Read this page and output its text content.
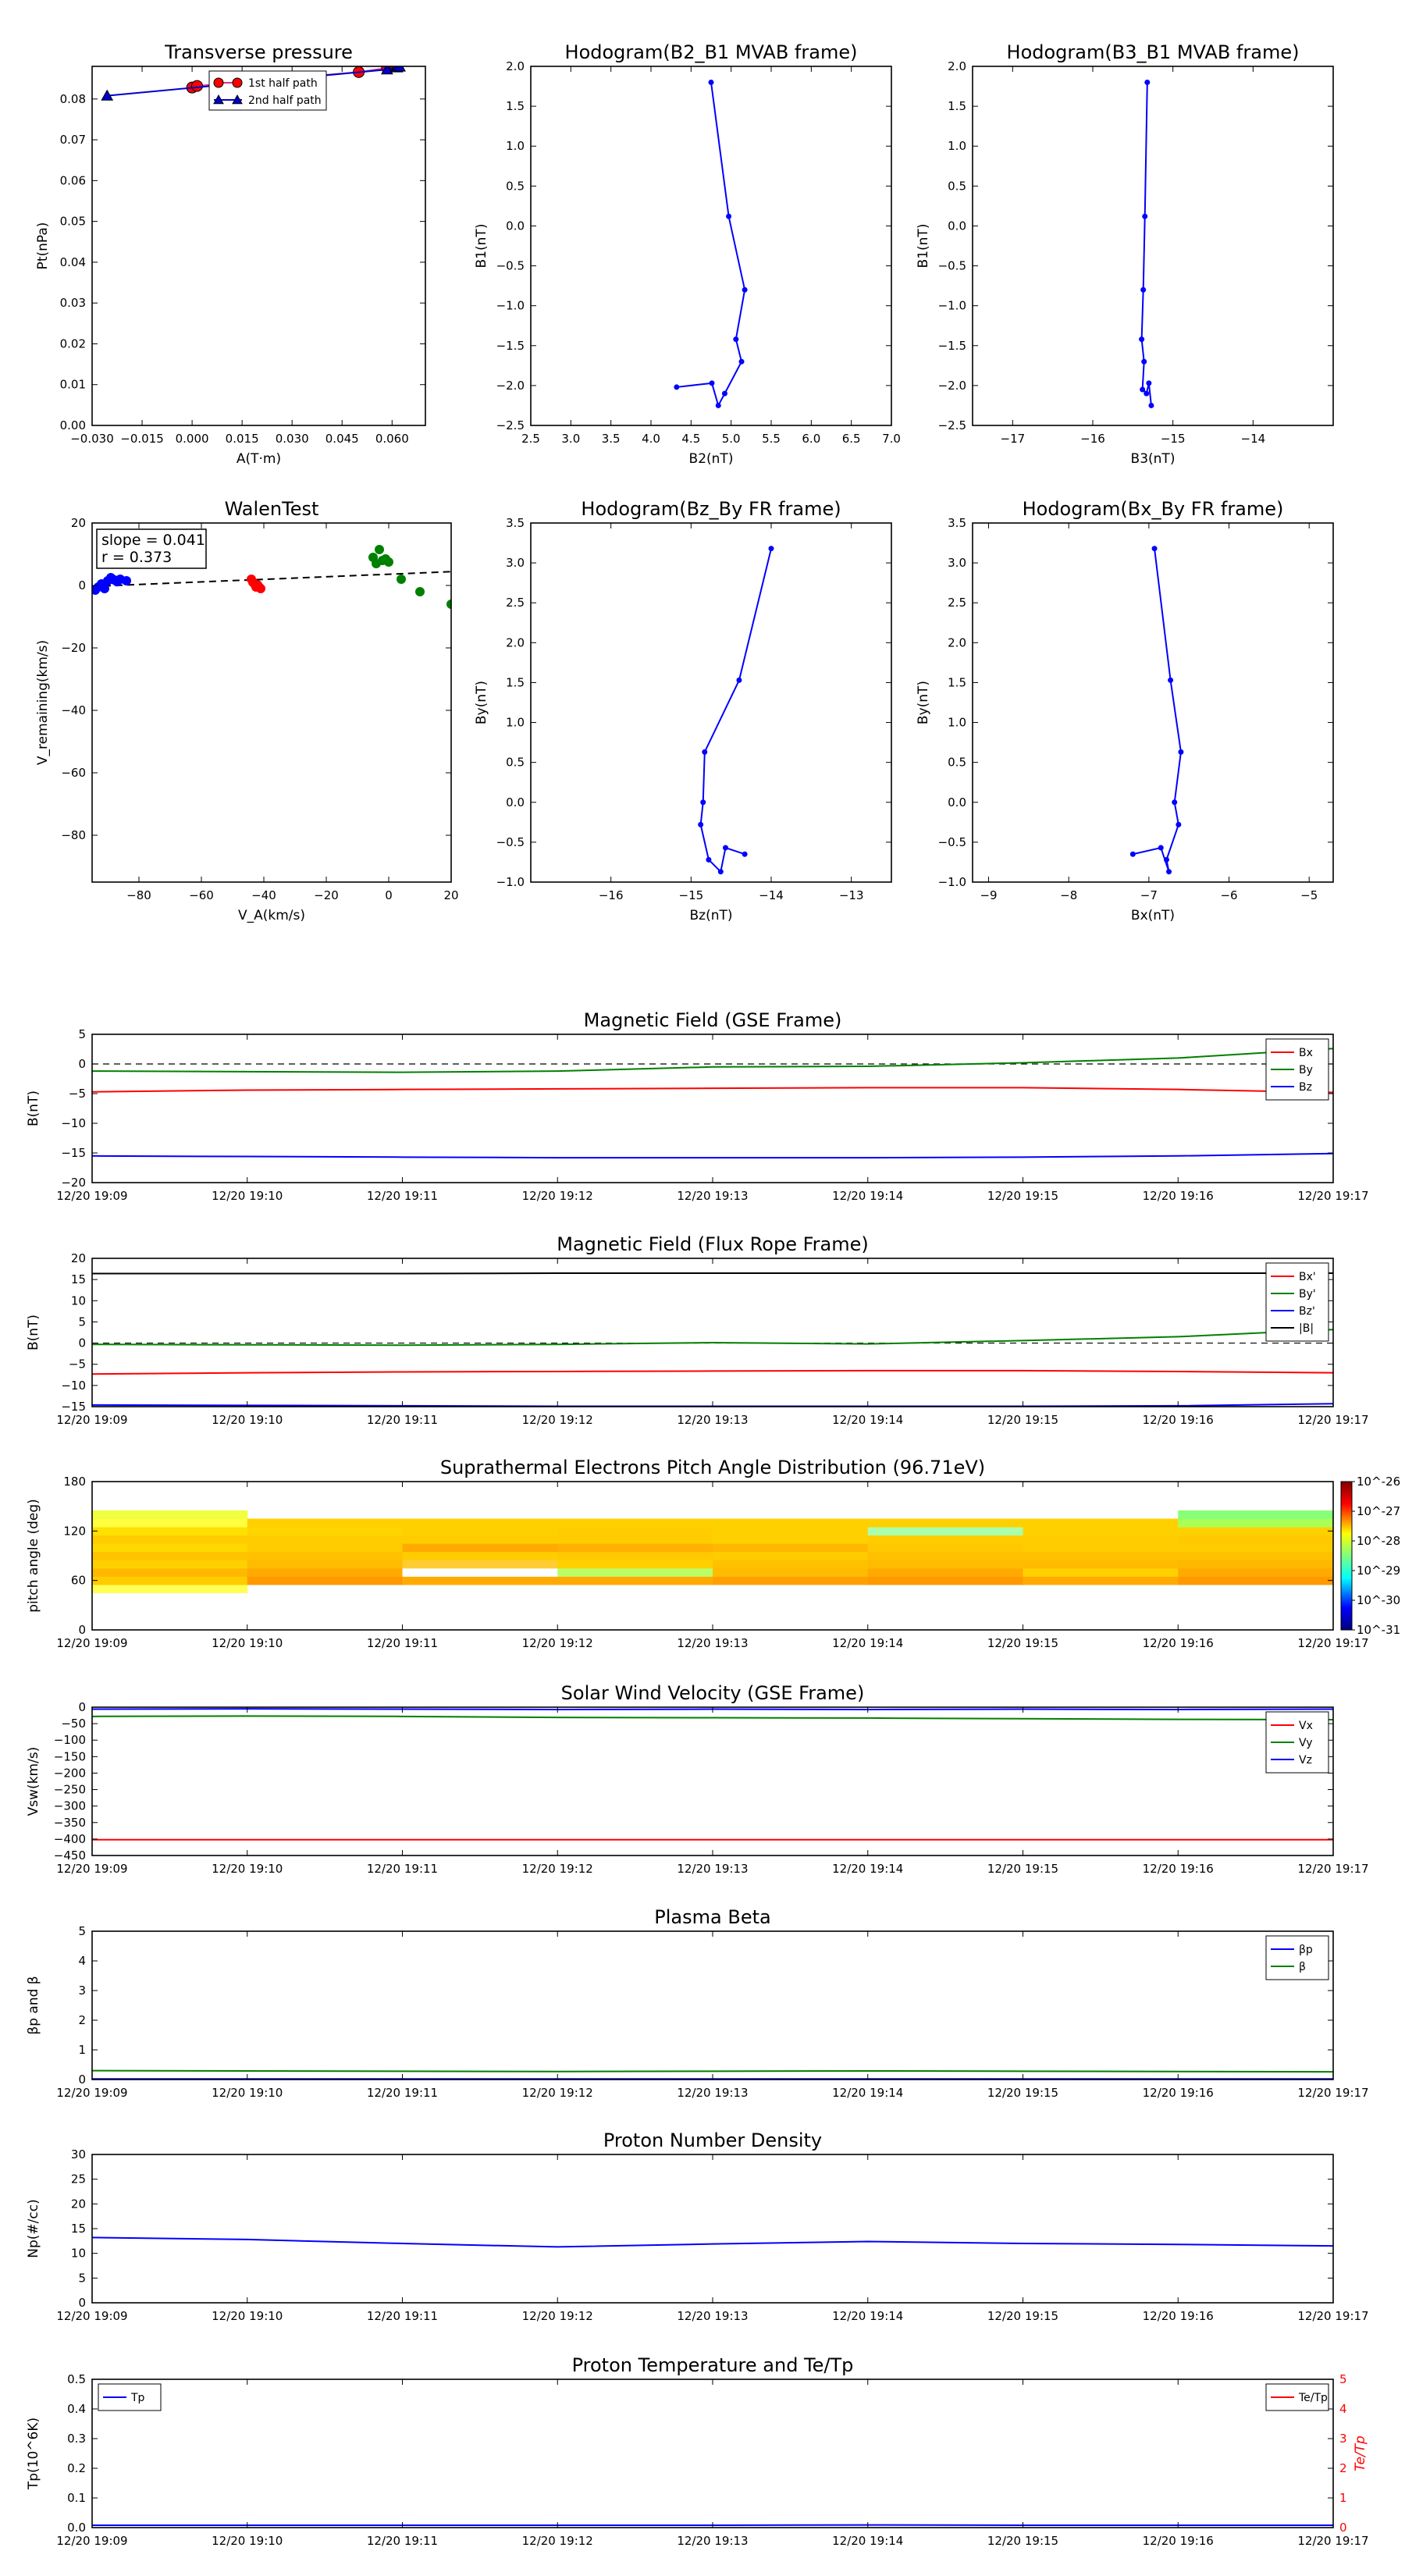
Transverse pressure
−0.030 −0.015 0.000 0.015 0.030 0.045 0.060
0.00
0.01
0.02
0.03
0.04
0.05
0.06
0.07
0.08
A(T·m)
Pt(nPa)
1st half path
2nd half path
Hodogram(B2_B1 MVAB frame)
2.5 3.0 3.5 4.0 4.5 5.0 5.5 6.0 6.5 7.0
−2.5
−2.0
−1.5
−1.0
−0.5
0.0
0.5
1.0
1.5
2.0
B2(nT)
B1(nT)
Hodogram(B3_B1 MVAB frame)
−17	−16	−15	−14
−2.5
−2.0
−1.5
−1.0
−0.5
0.0
0.5
1.0
1.5
2.0
B3(nT)
B1(nT)
WalenTest
−80	−60	−40	−20	0	20
−80
−60
−40
−20
0
20
V_A(km/s)
V_remaining(km/s)
slope = 0.041
r = 0.373
Hodogram(Bz_By FR frame)
−16	−15	−14	−13
−1.0
−0.5
0.0
0.5
1.0
1.5
2.0
2.5
3.0
3.5
Bz(nT)
By(nT)
Hodogram(Bx_By FR frame)
−9	−8	−7	−6	−5
−1.0
−0.5
0.0
0.5
1.0
1.5
2.0
2.5
3.0
3.5
Bx(nT)
By(nT)
Magnetic Field (GSE Frame)
12/20 19:09	12/20 19:10	12/20 19:11	12/20 19:12	12/20 19:13	12/20 19:14	12/20 19:15	12/20 19:16	12/20 19:17
−20
−15
−10
−5
0
5
B(nT)
Bx
By
Bz
Magnetic Field (Flux Rope Frame)
12/20 19:09	12/20 19:10	12/20 19:11	12/20 19:12	12/20 19:13	12/20 19:14	12/20 19:15	12/20 19:16	12/20 19:17
−15
−10
−5
0
5
10
15
20
B(nT)
Bx'
By'
Bz'
|B|
Suprathermal Electrons Pitch Angle Distribution (96.71eV)
10^-26
10^-27
10^-28
10^-29
10^-30
10^-31
12/20 19:09	12/20 19:10	12/20 19:11	12/20 19:12	12/20 19:13	12/20 19:14	12/20 19:15	12/20 19:16	12/20 19:17
0
60
120
180
pitch angle (deg)
Solar Wind Velocity (GSE Frame)
12/20 19:09	12/20 19:10	12/20 19:11	12/20 19:12	12/20 19:13	12/20 19:14	12/20 19:15	12/20 19:16	12/20 19:17
−450
−400
−350
−300
−250
−200
−150
−100
−50
0
Vsw(km/s)
Vx
Vy
Vz
Plasma Beta
12/20 19:09	12/20 19:10	12/20 19:11	12/20 19:12	12/20 19:13	12/20 19:14	12/20 19:15	12/20 19:16	12/20 19:17
0
1
2
3
4
5
βp and β
βp
β
Proton Number Density
12/20 19:09	12/20 19:10	12/20 19:11	12/20 19:12	12/20 19:13	12/20 19:14	12/20 19:15	12/20 19:16	12/20 19:17
0
5
10
15
20
25
30
Np(#/cc)
Proton Temperature and Te/Tp
12/20 19:09	12/20 19:10	12/20 19:11	12/20 19:12	12/20 19:13	12/20 19:14	12/20 19:15	12/20 19:16	12/20 19:17
0.0
0.1
0.2
0.3
0.4
0.5
0
1
2
3
4
5
Te/Tp
Tp(10^6K)
Tp	Te/Tp
